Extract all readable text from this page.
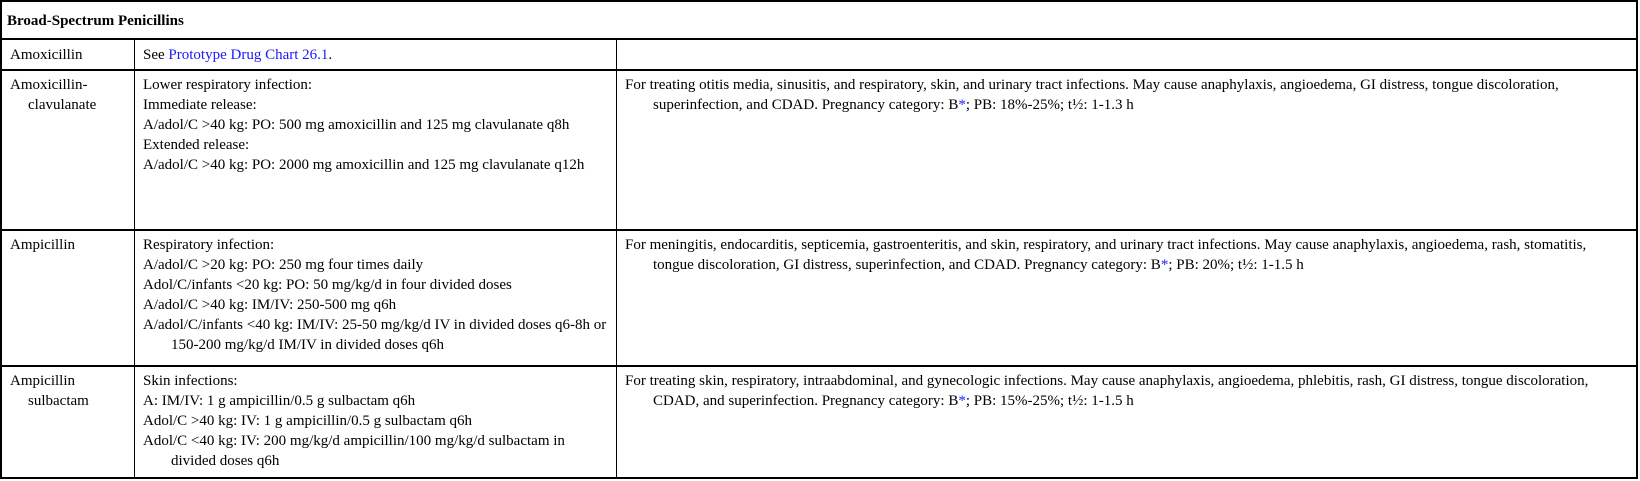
Broad-Spectrum Penicillins
Amoxicillin	See Prototype Drug Chart 26.1.
Amoxicillin-
clavulanate
Lower respiratory infection:
Immediate release:
A/adol/C >40 kg: PO: 500 mg amoxicillin and 125 mg clavulanate q8h
Extended release:
A/adol/C >40 kg: PO: 2000 mg amoxicillin and 125 mg clavulanate q12h
For treating otitis media, sinusitis, and respiratory, skin, and urinary tract infections. May cause anaphylaxis, angioedema, GI distress, tongue discoloration, superinfection, and CDAD. Pregnancy category: B*; PB: 18%-25%; t½: 1-1.3 h
Ampicillin	Respiratory infection:
A/adol/C >20 kg: PO: 250 mg four times daily
Adol/C/infants <20 kg: PO: 50 mg/kg/d in four divided doses
A/adol/C >40 kg: IM/IV: 250-500 mg q6h
A/adol/C/infants <40 kg: IM/IV: 25-50 mg/kg/d IV in divided doses q6-8h or 150-200 mg/kg/d IM/IV in divided doses q6h
For meningitis, endocarditis, septicemia, gastroenteritis, and skin, respiratory, and urinary tract infections. May cause anaphylaxis, angioedema, rash, stomatitis, tongue discoloration, GI distress, superinfection, and CDAD. Pregnancy category: B*; PB: 20%; t½: 1-1.5 h
Ampicillin
sulbactam
Skin infections:
A: IM/IV: 1 g ampicillin/0.5 g sulbactam q6h
Adol/C >40 kg: IV: 1 g ampicillin/0.5 g sulbactam q6h
Adol/C <40 kg: IV: 200 mg/kg/d ampicillin/100 mg/kg/d sulbactam in divided doses q6h
For treating skin, respiratory, intraabdominal, and gynecologic infections. May cause anaphylaxis, angioedema, phlebitis, rash, GI distress, tongue discoloration, CDAD, and superinfection. Pregnancy category: B*; PB: 15%-25%; t½: 1-1.5 h
